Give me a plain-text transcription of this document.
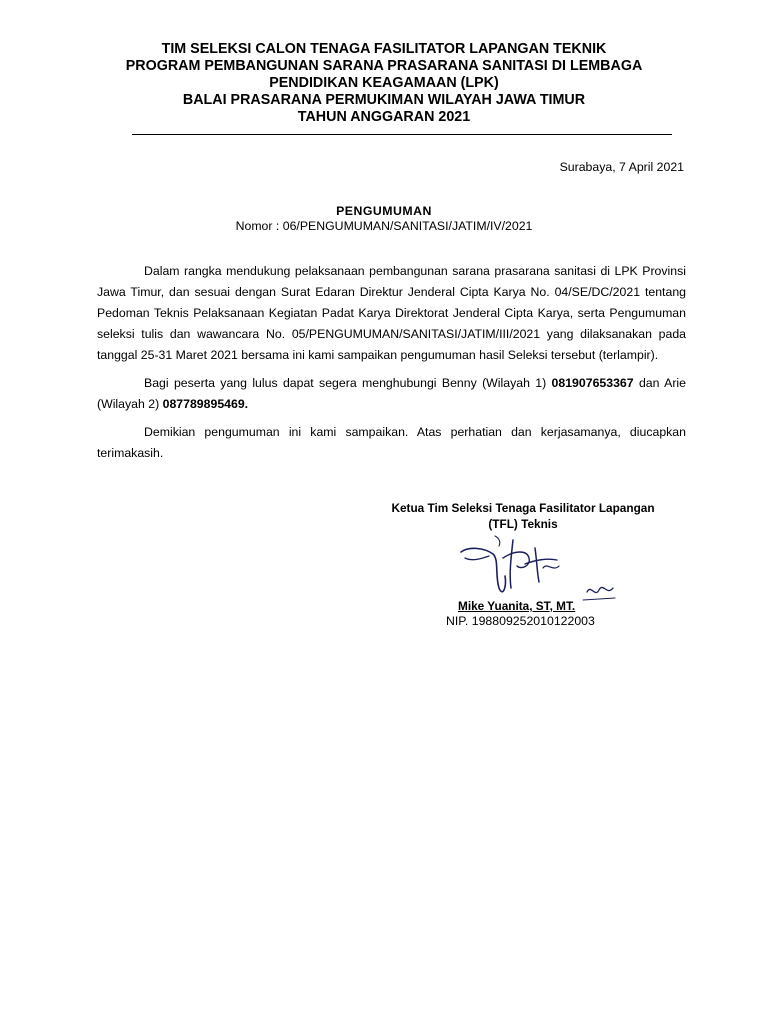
TIM SELEKSI CALON TENAGA FASILITATOR LAPANGAN TEKNIK
PROGRAM PEMBANGUNAN SARANA PRASARANA SANITASI DI LEMBAGA
PENDIDIKAN KEAGAMAAN (LPK)
BALAI PRASARANA PERMUKIMAN WILAYAH JAWA TIMUR
TAHUN ANGGARAN 2021
Surabaya, 7 April 2021
PENGUMUMAN
Nomor : 06/PENGUMUMAN/SANITASI/JATIM/IV/2021

Dalam rangka mendukung pelaksanaan pembangunan sarana prasarana sanitasi di LPK Provinsi Jawa Timur, dan sesuai dengan Surat Edaran Direktur Jenderal Cipta Karya No. 04/SE/DC/2021 tentang Pedoman Teknis Pelaksanaan Kegiatan Padat Karya Direktorat Jenderal Cipta Karya, serta Pengumuman seleksi tulis dan wawancara No. 05/PENGUMUMAN/SANITASI/JATIM/III/2021 yang dilaksanakan pada tanggal 25-31 Maret 2021 bersama ini kami sampaikan pengumuman hasil Seleksi tersebut (terlampir).

Bagi peserta yang lulus dapat segera menghubungi Benny (Wilayah 1) 081907653367 dan Arie (Wilayah 2) 087789895469.

Demikian pengumuman ini kami sampaikan. Atas perhatian dan kerjasamanya, diucapkan terimakasih.

Ketua Tim Seleksi Tenaga Fasilitator Lapangan
(TFL) Teknis
Mike Yuanita, ST, MT.
NIP. 198809252010122003
